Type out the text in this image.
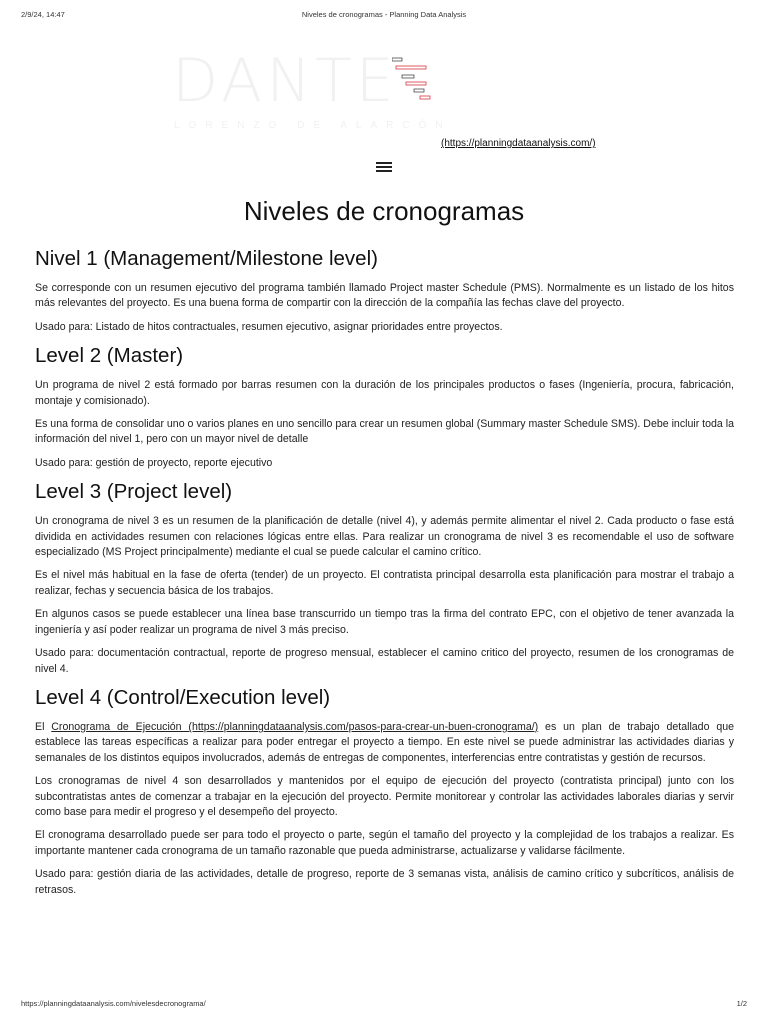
2/9/24, 14:47	Niveles de cronogramas - Planning Data Analysis
DANTE
LORENZO DE ALARCÓN
(https://planningdataanalysis.com/)
Niveles de cronogramas
Nivel 1 (Management/Milestone level)

Se corresponde con un resumen ejecutivo del programa también llamado Project master Schedule (PMS). Normalmente es un listado de los hitos más relevantes del proyecto. Es una buena forma de compartir con la dirección de la compañía las fechas clave del proyecto.

Usado para: Listado de hitos contractuales, resumen ejecutivo, asignar prioridades entre proyectos.

Level 2 (Master)

Un programa de nivel 2 está formado por barras resumen con la duración de los principales productos o fases (Ingeniería, procura, fabricación, montaje y comisionado).

Es una forma de consolidar uno o varios planes en uno sencillo para crear un resumen global (Summary master Schedule SMS). Debe incluir toda la información del nivel 1, pero con un mayor nivel de detalle

Usado para: gestión de proyecto, reporte ejecutivo

Level 3 (Project level)

Un cronograma de nivel 3 es un resumen de la planificación de detalle (nivel 4), y además permite alimentar el nivel 2. Cada producto o fase está dividida en actividades resumen con relaciones lógicas entre ellas. Para realizar un cronograma de nivel 3 es recomendable el uso de software especializado (MS Project principalmente) mediante el cual se puede calcular el camino crítico.

Es el nivel más habitual en la fase de oferta (tender) de un proyecto. El contratista principal desarrolla esta planificación para mostrar el trabajo a realizar, fechas y secuencia básica de los trabajos.

En algunos casos se puede establecer una línea base transcurrido un tiempo tras la firma del contrato EPC, con el objetivo de tener avanzada la ingeniería y así poder realizar un programa de nivel 3 más preciso.

Usado para: documentación contractual, reporte de progreso mensual, establecer el camino critico del proyecto, resumen de los cronogramas de nivel 4.

Level 4 (Control/Execution level)

El Cronograma de Ejecución (https://planningdataanalysis.com/pasos-para-crear-un-buen-cronograma/) es un plan de trabajo detallado que establece las tareas específicas a realizar para poder entregar el proyecto a tiempo. En este nivel se puede administrar las actividades diarias y semanales de los distintos equipos involucrados, además de entregas de componentes, interferencias entre contratistas y gestión de recursos.

Los cronogramas de nivel 4 son desarrollados y mantenidos por el equipo de ejecución del proyecto (contratista principal) junto con los subcontratistas antes de comenzar a trabajar en la ejecución del proyecto. Permite monitorear y controlar las actividades laborales diarias y servir como base para medir el progreso y el desempeño del proyecto.

El cronograma desarrollado puede ser para todo el proyecto o parte, según el tamaño del proyecto y la complejidad de los trabajos a realizar. Es importante mantener cada cronograma de un tamaño razonable que pueda administrarse, actualizarse y validarse fácilmente.

Usado para: gestión diaria de las actividades, detalle de progreso, reporte de 3 semanas vista, análisis de camino crítico y subcríticos, análisis de retrasos.

https://planningdataanalysis.com/nivelesdecronograma/	1/2
